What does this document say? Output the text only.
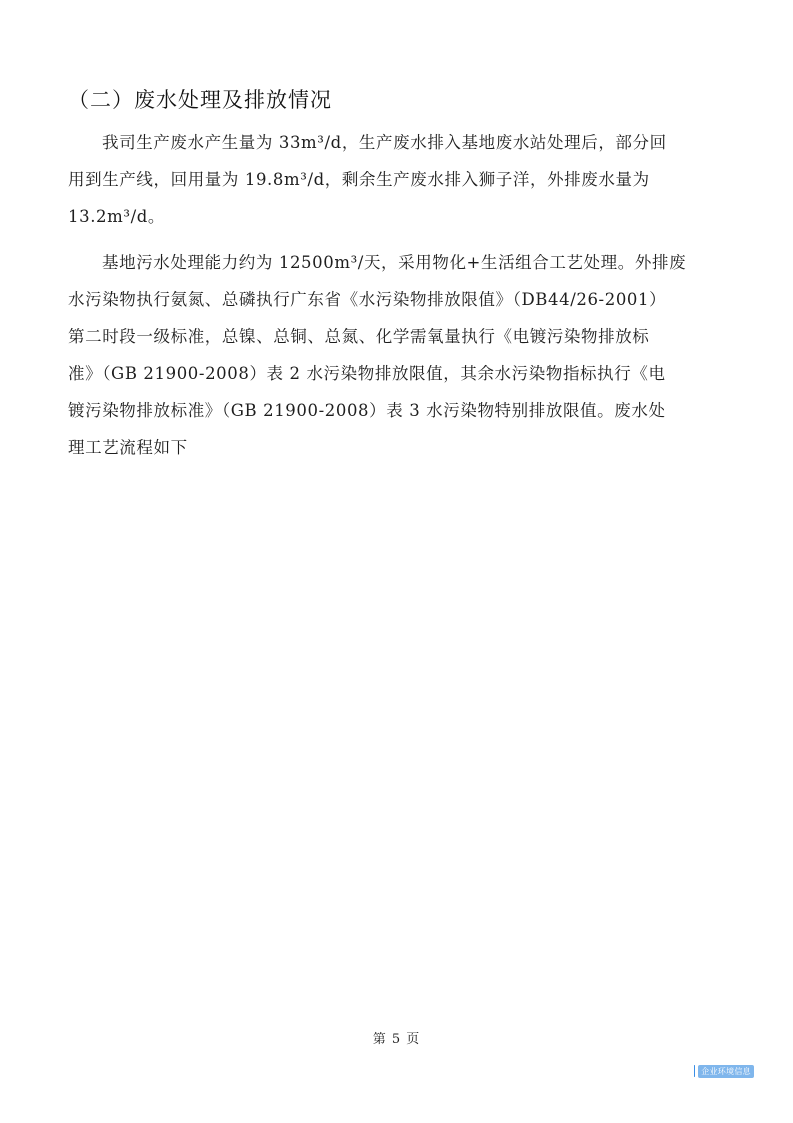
（二）废水处理及排放情况
我司生产废水产生量为 33m³/d，生产废水排入基地废水站处理后，部分回
用到生产线，回用量为 19.8m³/d，剩余生产废水排入狮子洋，外排废水量为
13.2m³/d。
基地污水处理能力约为 12500m³/天，采用物化+生活组合工艺处理。外排废
水污染物执行氨氮、总磷执行广东省《水污染物排放限值》（DB44/26-2001）
第二时段一级标准，总镍、总铜、总氮、化学需氧量执行《电镀污染物排放标
准》（GB 21900-2008）表 2 水污染物排放限值，其余水污染物指标执行《电
镀污染物排放标准》（GB 21900-2008）表 3 水污染物特别排放限值。废水处
理工艺流程如下
第 5 页
企业环境信息
